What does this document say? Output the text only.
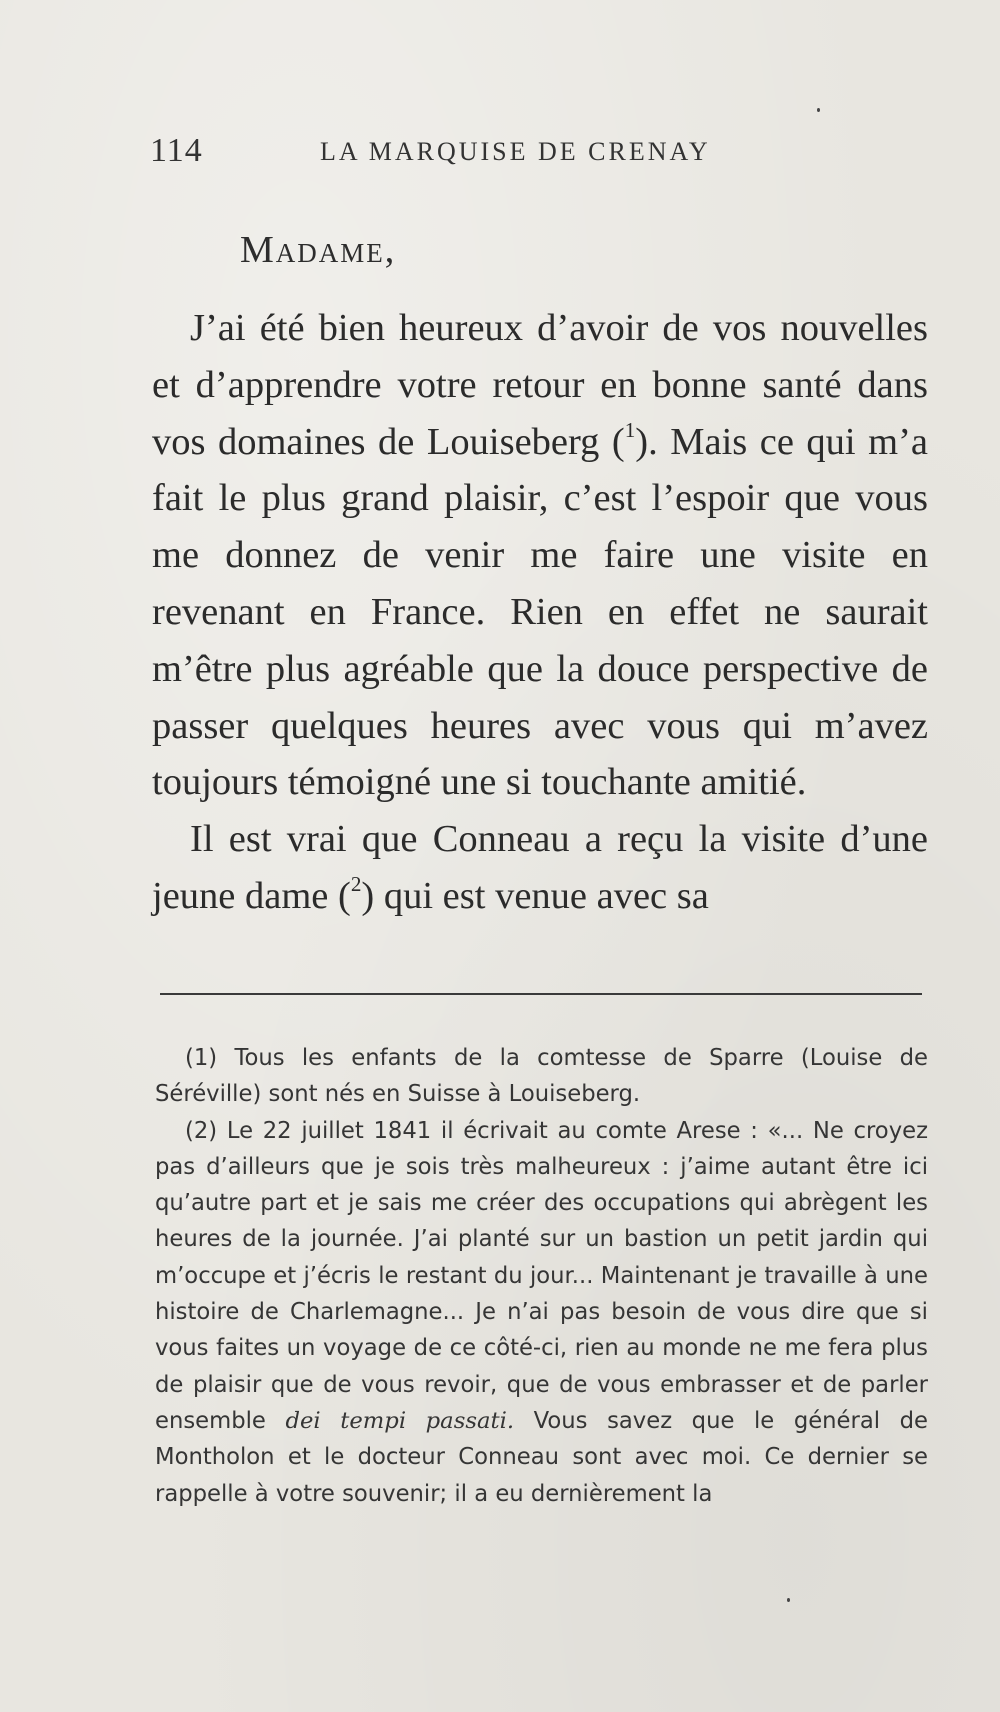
114	LA MARQUISE DE CRENAY
Madame,

J’ai été bien heureux d’avoir de vos nouvelles et d’apprendre votre retour en bonne santé dans vos domaines de Louiseberg ($^1$). Mais ce qui m’a fait le plus grand plaisir, c’est l’espoir que vous me donnez de venir me faire une visite en revenant en France. Rien en effet ne saurait m’être plus agréable que la douce perspective de passer quelques heures avec vous qui m’avez toujours témoigné une si touchante amitié.

Il est vrai que Conneau a reçu la visite d’une jeune dame ($^2$) qui est venue avec sa

(1) Tous les enfants de la comtesse de Sparre (Louise de Séréville) sont nés en Suisse à Louiseberg.

(2) Le 22 juillet 1841 il écrivait au comte Arese : «... Ne croyez pas d’ailleurs que je sois très malheureux : j’aime autant être ici qu’autre part et je sais me créer des occupations qui abrègent les heures de la journée. J’ai planté sur un bastion un petit jardin qui m’occupe et j’écris le restant du jour... Maintenant je travaille à une histoire de Charlemagne... Je n’ai pas besoin de vous dire que si vous faites un voyage de ce côté-ci, rien au monde ne me fera plus de plaisir que de vous revoir, que de vous embrasser et de parler ensemble dei tempi passati. Vous savez que le général de Montholon et le docteur Conneau sont avec moi. Ce dernier se rappelle à votre souvenir; il a eu dernièrement la
